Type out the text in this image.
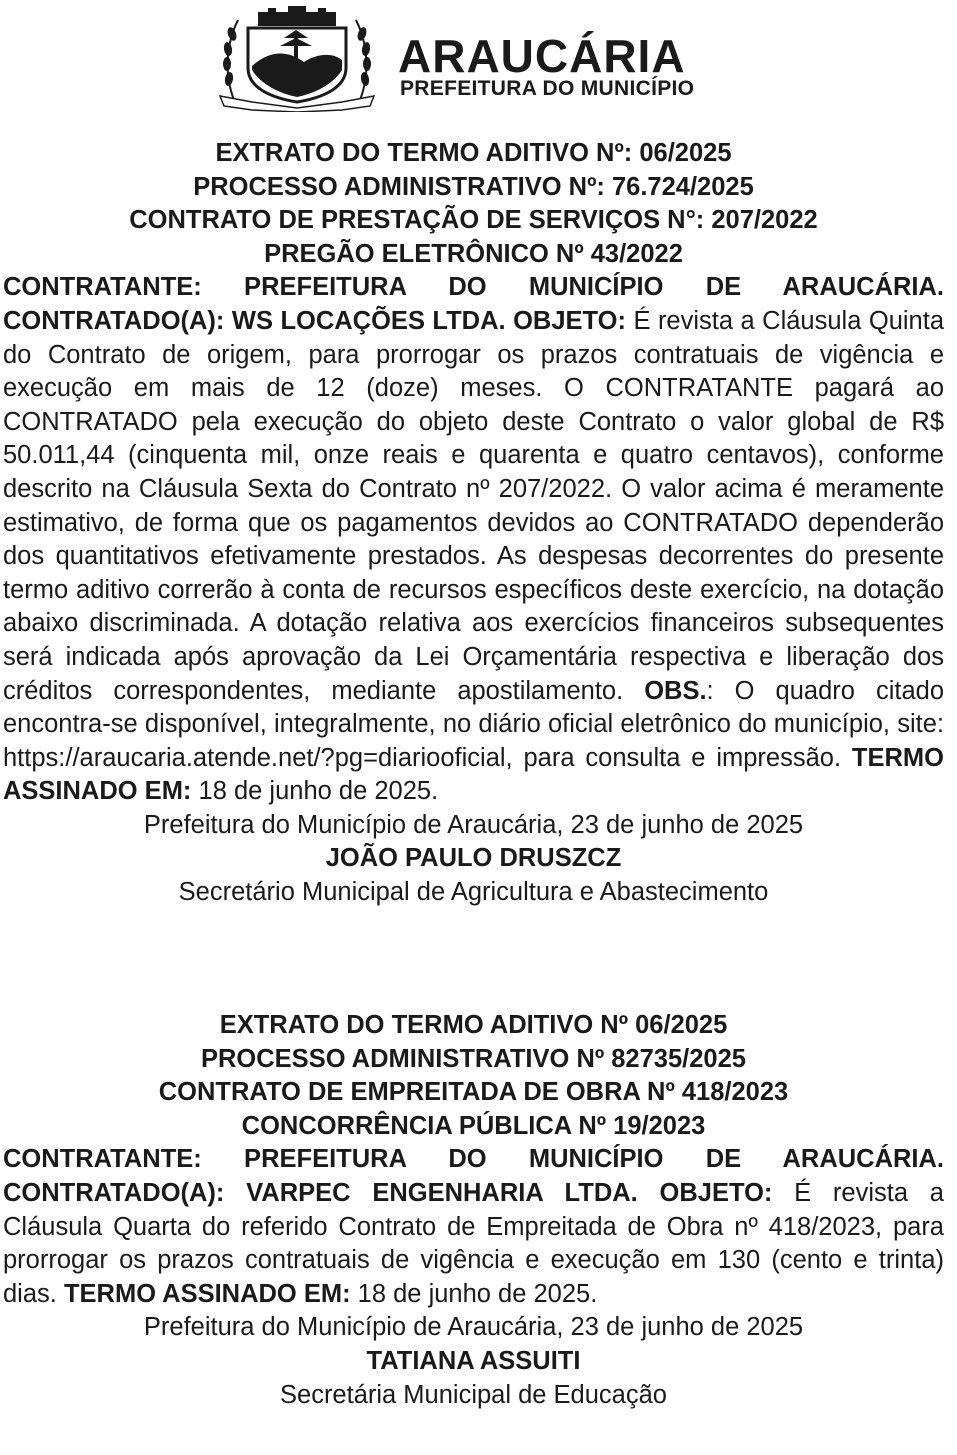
ARAUCÁRIA
PREFEITURA DO MUNICÍPIO

EXTRATO DO TERMO ADITIVO Nº: 06/2025

PROCESSO ADMINISTRATIVO Nº: 76.724/2025

CONTRATO DE PRESTAÇÃO DE SERVIÇOS N°: 207/2022

PREGÃO ELETRÔNICO Nº 43/2022

CONTRATANTE: PREFEITURA DO MUNICÍPIO DE ARAUCÁRIA.

CONTRATADO(A): WS LOCAÇÕES LTDA. OBJETO: É revista a Cláusula Quinta do Contrato de origem, para prorrogar os prazos contratuais de vigência e execução em mais de 12 (doze) meses. O CONTRATANTE pagará ao CONTRATADO pela execução do objeto deste Contrato o valor global de R$ 50.011,44 (cinquenta mil, onze reais e quarenta e quatro centavos), conforme descrito na Cláusula Sexta do Contrato nº 207/2022. O valor acima é meramente estimativo, de forma que os pagamentos devidos ao CONTRATADO dependerão dos quantitativos efetivamente prestados. As despesas decorrentes do presente termo aditivo correrão à conta de recursos específicos deste exercício, na dotação abaixo discriminada. A dotação relativa aos exercícios financeiros subsequentes será indicada após aprovação da Lei Orçamentária respectiva e liberação dos créditos correspondentes, mediante apostilamento. OBS.: O quadro citado encontra-se disponível, integralmente, no diário oficial eletrônico do município, site: https://araucaria.atende.net/?pg=diariooficial, para consulta e impressão. TERMO ASSINADO EM: 18 de junho de 2025.

Prefeitura do Município de Araucária, 23 de junho de 2025

JOÃO PAULO DRUSZCZ

Secretário Municipal de Agricultura e Abastecimento

EXTRATO DO TERMO ADITIVO Nº 06/2025

PROCESSO ADMINISTRATIVO Nº 82735/2025

CONTRATO DE EMPREITADA DE OBRA Nº 418/2023

CONCORRÊNCIA PÚBLICA Nº 19/2023

CONTRATANTE: PREFEITURA DO MUNICÍPIO DE ARAUCÁRIA.

CONTRATADO(A): VARPEC ENGENHARIA LTDA. OBJETO: É revista a Cláusula Quarta do referido Contrato de Empreitada de Obra nº 418/2023, para prorrogar os prazos contratuais de vigência e execução em 130 (cento e trinta) dias. TERMO ASSINADO EM: 18 de junho de 2025.

Prefeitura do Município de Araucária, 23 de junho de 2025

TATIANA ASSUITI

Secretária Municipal de Educação
